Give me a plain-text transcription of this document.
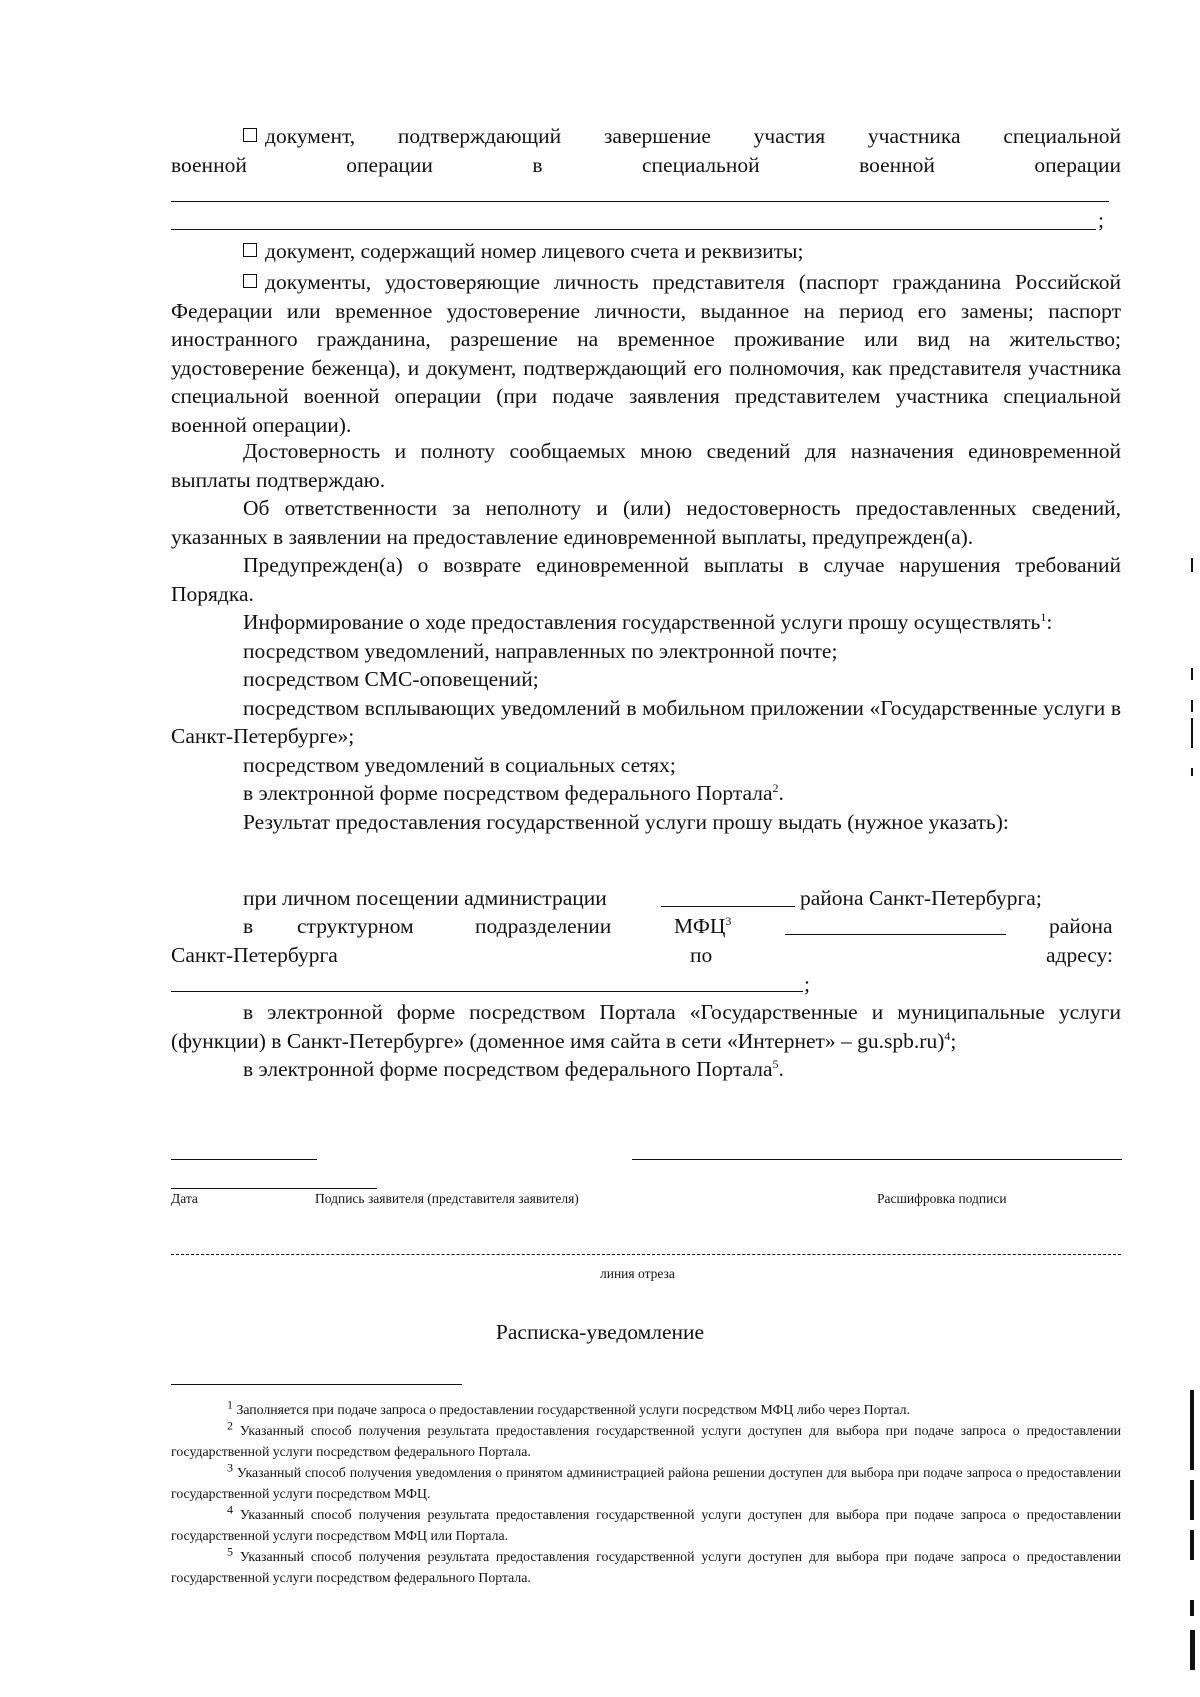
документ, подтверждающий завершение участия участника специальной

военной операции в специальной военной операции

;

документ, содержащий номер лицевого счета и реквизиты;

документы, удостоверяющие личность представителя (паспорт гражданина Российской Федерации или временное удостоверение личности, выданное на период его замены; паспорт иностранного гражданина, разрешение на временное проживание или вид на жительство; удостоверение беженца), и документ, подтверждающий его полномочия, как представителя участника специальной военной операции (при подаче заявления представителем участника специальной военной операции).

Достоверность и полноту сообщаемых мною сведений для назначения единовременной выплаты подтверждаю.

Об ответственности за неполноту и (или) недостоверность предоставленных сведений, указанных в заявлении на предоставление единовременной выплаты, предупрежден(а).

Предупрежден(а) о возврате единовременной выплаты в случае нарушения требований Порядка.

Информирование о ходе предоставления государственной услуги прошу осуществлять$^1$:

посредством уведомлений, направленных по электронной почте;

посредством СМС-оповещений;

посредством всплывающих уведомлений в мобильном приложении «Государственные услуги в Санкт-Петербурге»;

посредством уведомлений в социальных сетях;

в электронной форме посредством федерального Портала$^2$.

Результат предоставления государственной услуги прошу выдать (нужное указать):

при личном посещении администрации	района Санкт-Петербурга;
в структурном	подразделении	МФЦ$^3$	района
Санкт-Петербурга	по	адресу:
;

в электронной форме посредством Портала «Государственные и муниципальные услуги (функции) в Санкт-Петербурге» (доменное имя сайта в сети «Интернет» – gu.spb.ru)$^4$;

в электронной форме посредством федерального Портала$^5$.

Дата	Подпись заявителя (представителя заявителя)	Расшифровка подписи
линия отреза
Расписка-уведомление

$^1$ Заполняется при подаче запроса о предоставлении государственной услуги посредством МФЦ либо через Портал.

$^2$ Указанный способ получения результата предоставления государственной услуги доступен для выбора при подаче запроса о предоставлении государственной услуги посредством федерального Портала.

$^3$ Указанный способ получения уведомления о принятом администрацией района решении доступен для выбора при подаче запроса о предоставлении государственной услуги посредством МФЦ.

$^4$ Указанный способ получения результата предоставления государственной услуги доступен для выбора при подаче запроса о предоставлении государственной услуги посредством МФЦ или Портала.

$^5$ Указанный способ получения результата предоставления государственной услуги доступен для выбора при подаче запроса о предоставлении государственной услуги посредством федерального Портала.
